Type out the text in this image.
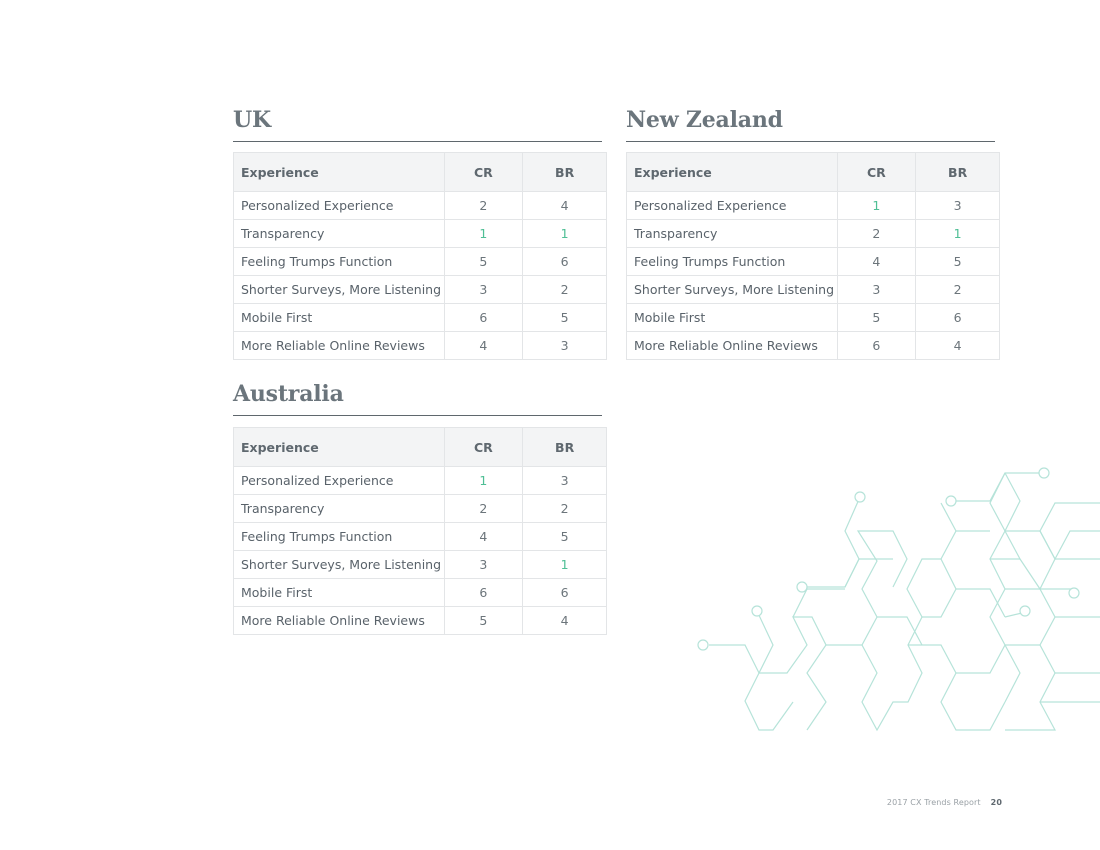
UK
Experience	CR	BR
Personalized Experience	2	4
Transparency	1	1
Feeling Trumps Function	5	6
Shorter Surveys, More Listening	3	2
Mobile First	6	5
More Reliable Online Reviews	4	3
New Zealand
Experience	CR	BR
Personalized Experience	1	3
Transparency	2	1
Feeling Trumps Function	4	5
Shorter Surveys, More Listening	3	2
Mobile First	5	6
More Reliable Online Reviews	6	4
Australia
Experience	CR	BR
Personalized Experience	1	3
Transparency	2	2
Feeling Trumps Function	4	5
Shorter Surveys, More Listening	3	1
Mobile First	6	6
More Reliable Online Reviews	5	4
2017 CX Trends Report 20
